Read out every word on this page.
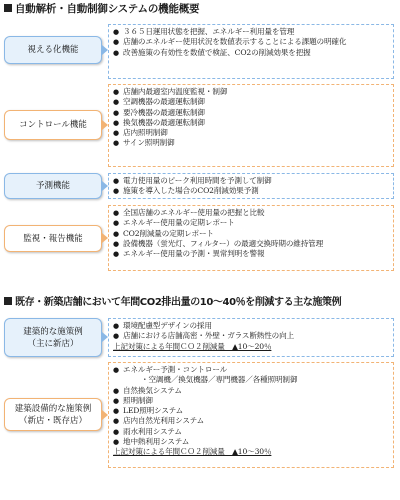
自動解析・自動制御システムの機能概要
視える化機能
● ３６５日運用状態を把握、エネルギー利用量を管理
● 店舗のエネルギー使用状況を数値表示することによる課題の明確化
● 改善施策の有効性を数値で検証、CO2の削減効果を把握
コントロール機能
● 店舗内最適室内温度監視・制御
● 空調機器の最適運転制御
● 要冷機器の最適運転制御
● 換気機器の最適運転制御
● 店内照明制御
● サイン照明制御
予測機能	● 電力使用量のピーク利用時間を予測して制御
● 施策を導入した場合のCO2削減効果予測
監視・報告機能
● 全国店舗のエネルギー使用量の把握と比較
● エネルギー使用量の定期レポート
● CO2削減量の定期レポート
● 設備機器（蛍光灯、フィルター）の最適交換時期の維持管理
● エネルギー使用量の予測・異常判明を警報
既存・新築店舗において年間CO2排出量の10～40％を削減する主な施策例
建築的な施策例
（主に新店）
● 環境配慮型デザインの採用
● 店舗における店舗高密・外壁・ガラス断熱性の向上
上記対策による年間ＣＯ２削減量　▲10～20％
建築設備的な施策例
（新店・既存店）
● エネルギー予測・コントロール
・空調機／換気機器／専門機器／各種照明制御
● 自然換気システム
● 照明制御
● LED照明システム
● 店内自然光利用システム
● 雨水利用システム
● 地中熱利用システム
上記対策による年間ＣＯ２削減量　▲10～30％
